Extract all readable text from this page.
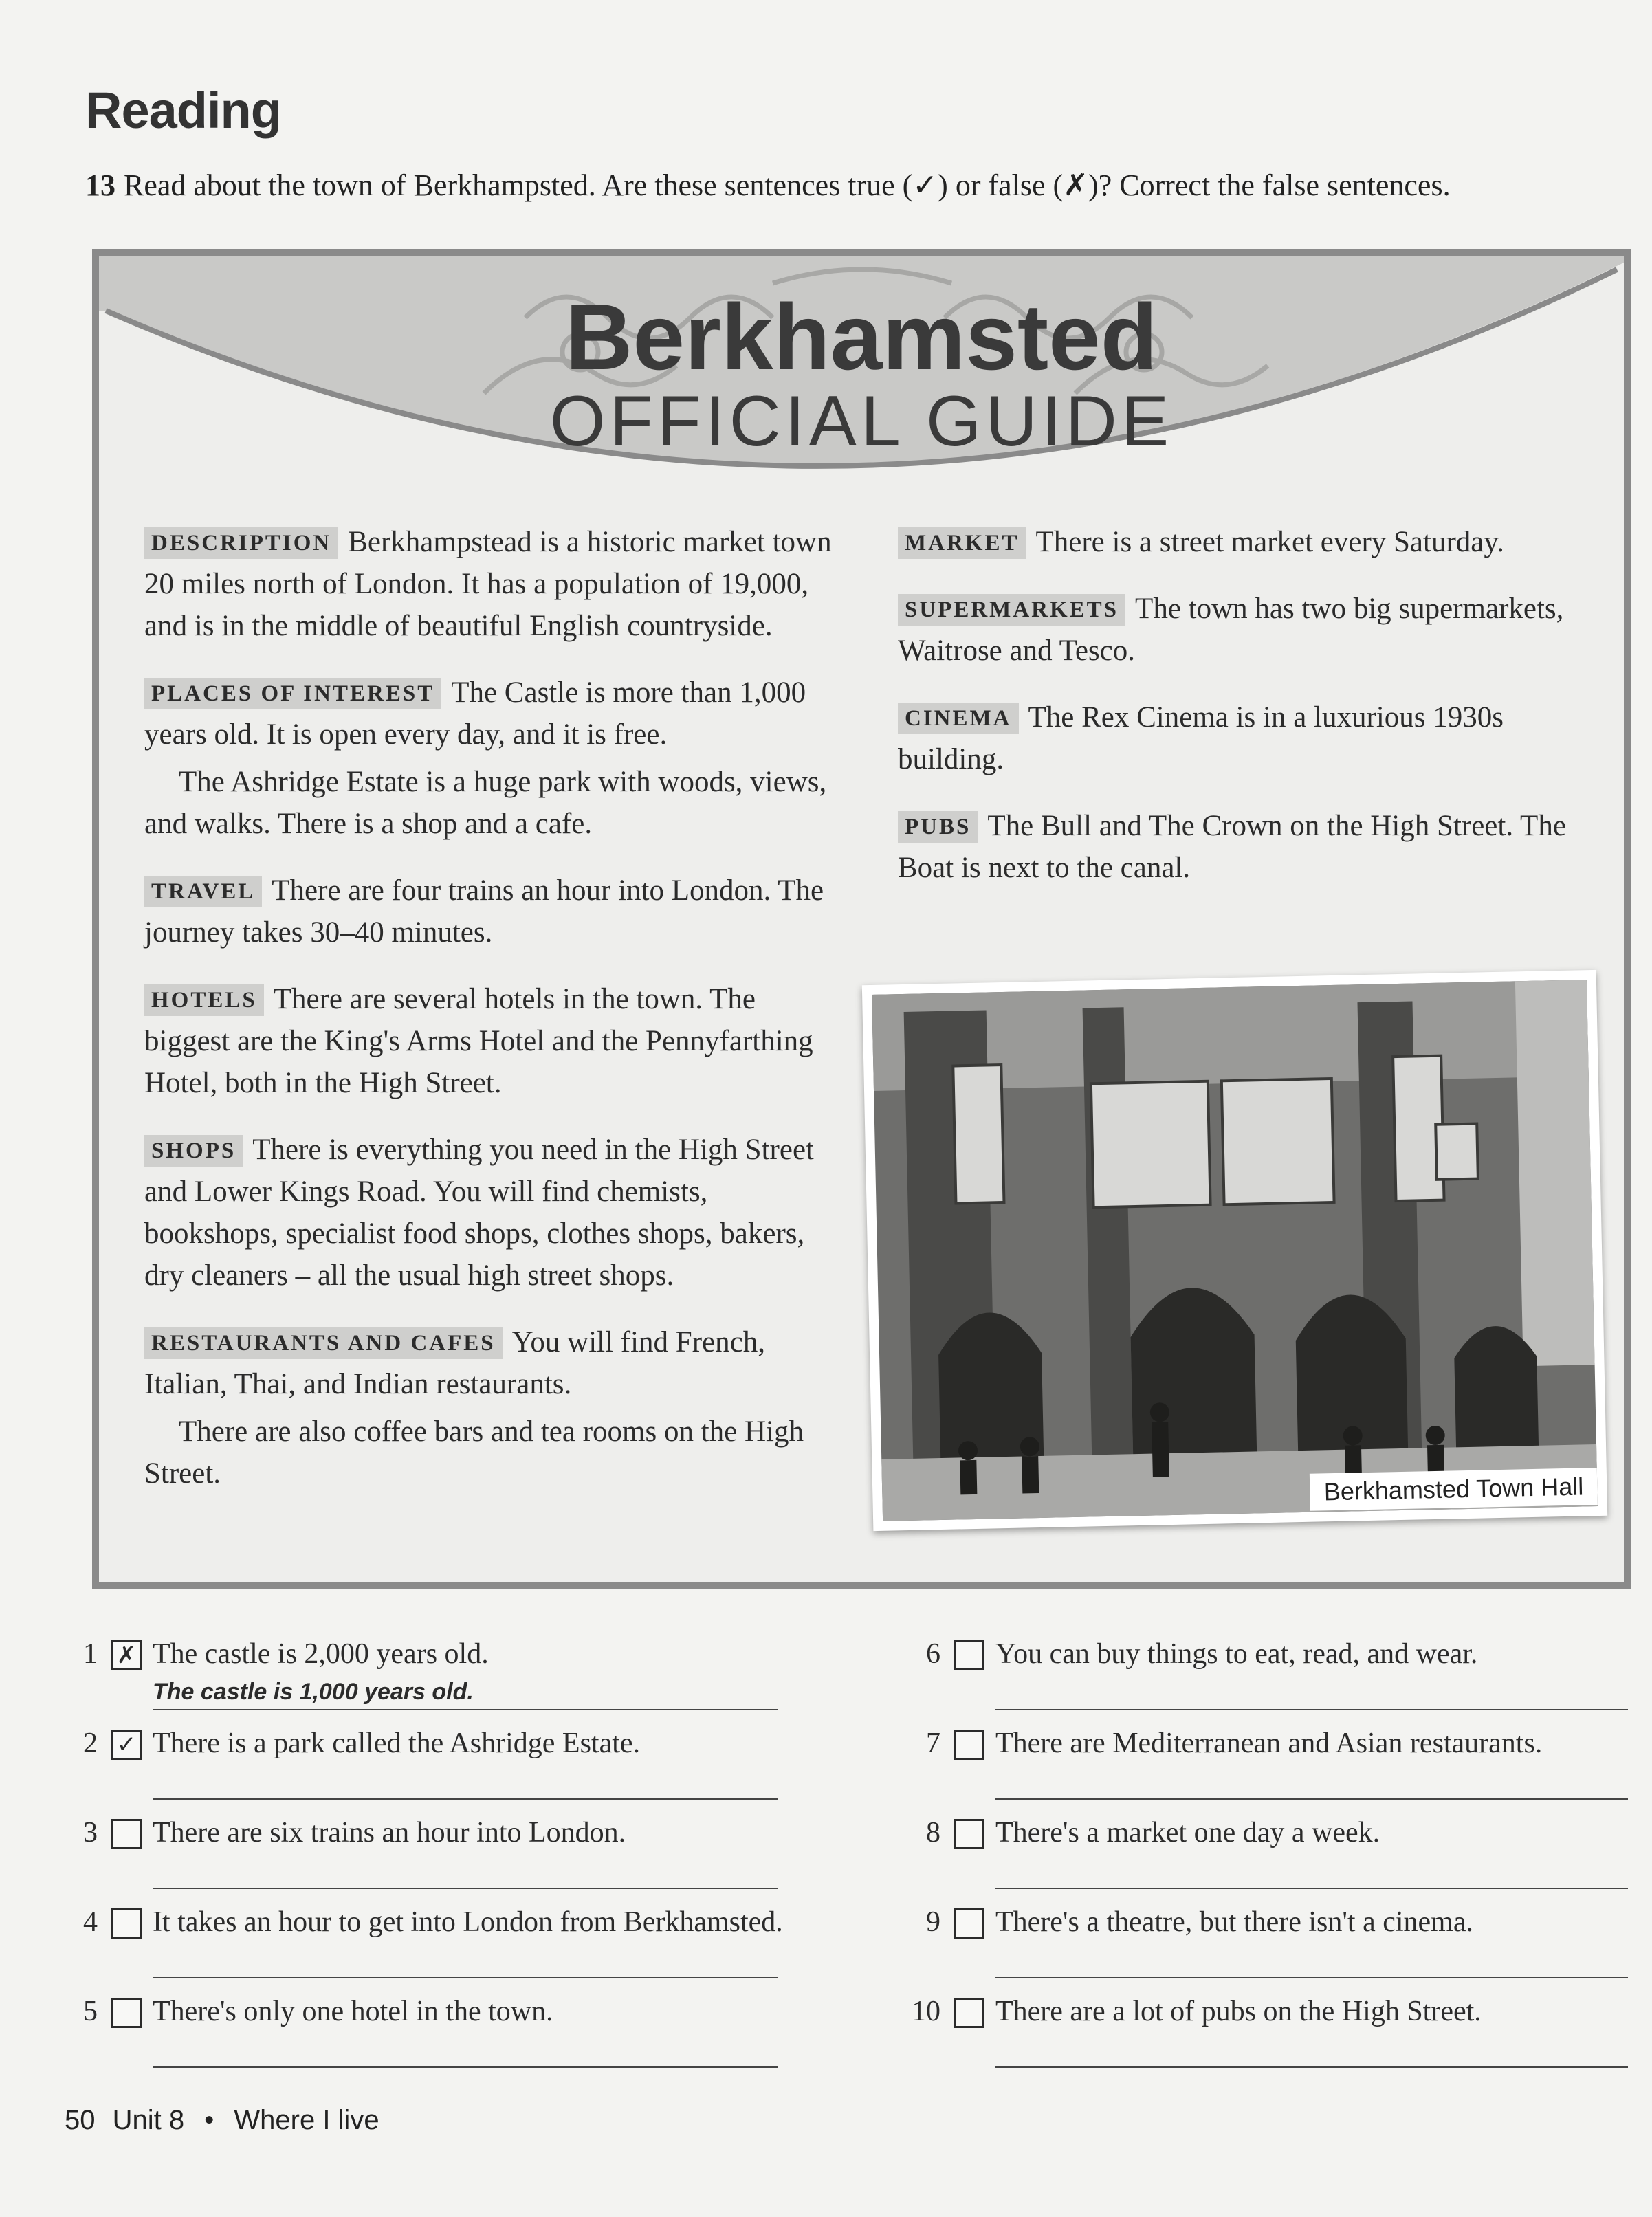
Reading
13 Read about the town of Berkhampsted. Are these sentences true (✓) or false (✗)? Correct the false sentences.
Berkhamsted
OFFICIAL GUIDE

DESCRIPTION Berkhampstead is a historic market town 20 miles north of London. It has a population of 19,000, and is in the middle of beautiful English countryside.

PLACES OF INTEREST The Castle is more than 1,000 years old. It is open every day, and it is free.

The Ashridge Estate is a huge park with woods, views, and walks. There is a shop and a cafe.

TRAVEL There are four trains an hour into London. The journey takes 30–40 minutes.

HOTELS There are several hotels in the town. The biggest are the King's Arms Hotel and the Pennyfarthing Hotel, both in the High Street.

SHOPS There is everything you need in the High Street and Lower Kings Road. You will find chemists, bookshops, specialist food shops, clothes shops, bakers, dry cleaners – all the usual high street shops.

RESTAURANTS AND CAFES You will find French, Italian, Thai, and Indian restaurants.

There are also coffee bars and tea rooms on the High Street.

MARKET There is a street market every Saturday.

SUPERMARKETS The town has two big supermarkets, Waitrose and Tesco.

CINEMA The Rex Cinema is in a luxurious 1930s building.

PUBS The Bull and The Crown on the High Street. The Boat is next to the canal.

Berkhamsted Town Hall
1 ✗ The castle is 2,000 years old.
The castle is 1,000 years old.
2 ✓ There is a park called the Ashridge Estate.
3 There are six trains an hour into London.
4 It takes an hour to get into London from Berkhamsted.
5 There's only one hotel in the town.
6 You can buy things to eat, read, and wear.
7 There are Mediterranean and Asian restaurants.
8 There's a market one day a week.
9 There's a theatre, but there isn't a cinema.
10 There are a lot of pubs on the High Street.
50 Unit 8 • Where I live
